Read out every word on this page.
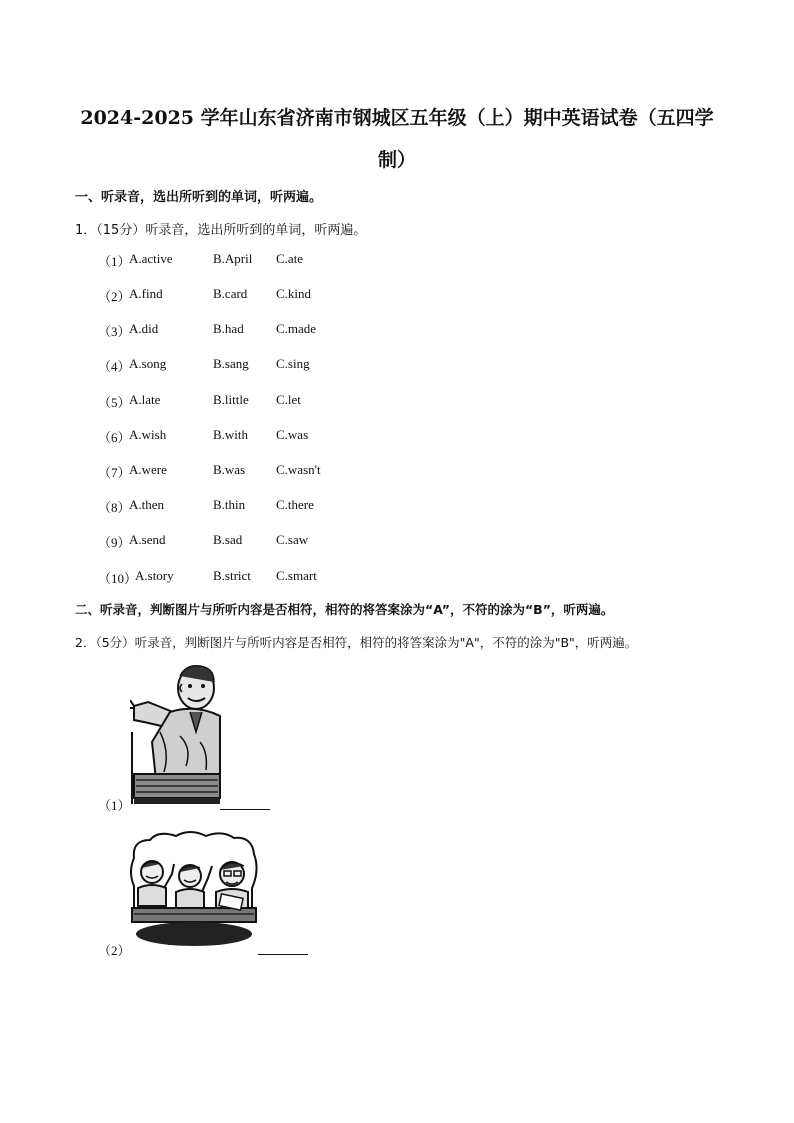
2024-2025 学年山东省济南市钢城区五年级（上）期中英语试卷（五四学
制）
一、听录音，选出所听到的单词，听两遍。
1．（15分）听录音，选出所听到的单词，听两遍。
（1）
A.active	B.April C.ate
（2）
A.find	B.card C.kind
（3）
A.did	B.had C.made
（4）
A.song	B.sang C.sing
（5）
A.late	B.little C.let
（6）
A.wish	B.with C.was
（7）
A.were	B.was C.wasn't
（8）
A.then	B.thin C.there
（9）
A.send	B.sad	C.saw
（10）
A.story	B.strict C.smart
二、听录音，判断图片与所听内容是否相符，相符的将答案涂为“A”，不符的涂为“B”，听两遍。
2．（5分）听录音，判断图片与所听内容是否相符，相符的将答案涂为"A"，不符的涂为"B"，听两遍。
（1）
（2）
